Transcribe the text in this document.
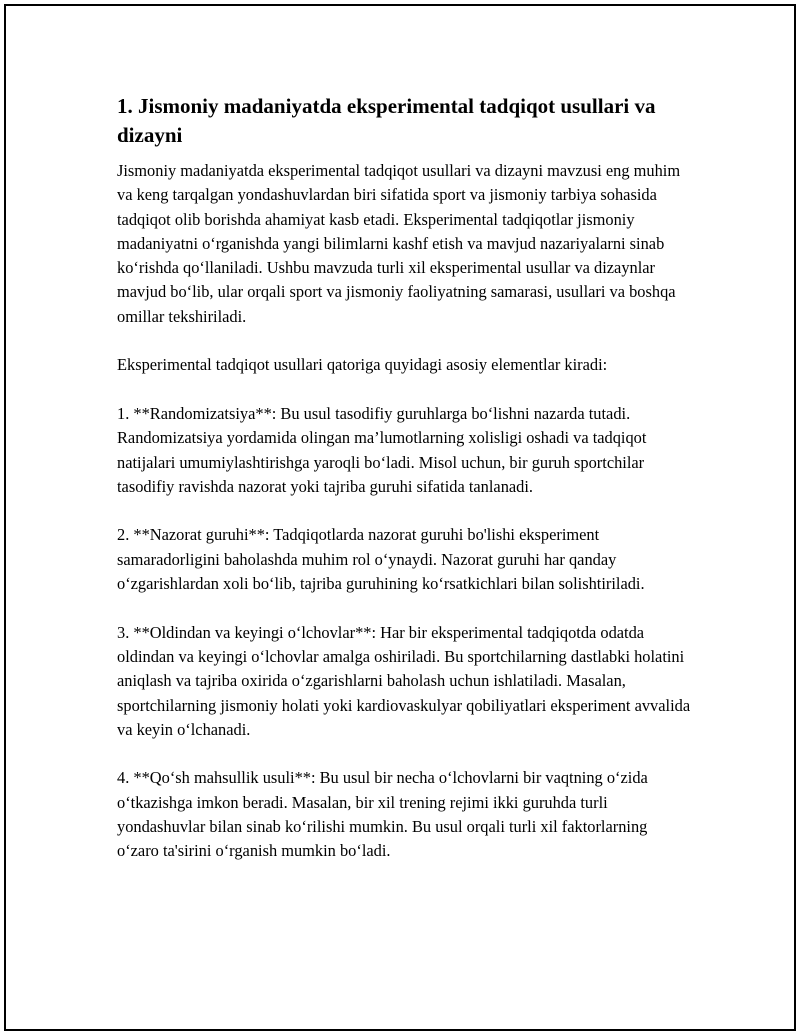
1. Jismoniy madaniyatda eksperimental tadqiqot usullari va dizayni

Jismoniy madaniyatda eksperimental tadqiqot usullari va dizayni mavzusi eng muhim va keng tarqalgan yondashuvlardan biri sifatida sport va jismoniy tarbiya sohasida tadqiqot olib borishda ahamiyat kasb etadi. Eksperimental tadqiqotlar jismoniy madaniyatni o‘rganishda yangi bilimlarni kashf etish va mavjud nazariyalarni sinab ko‘rishda qo‘llaniladi. Ushbu mavzuda turli xil eksperimental usullar va dizaynlar mavjud bo‘lib, ular orqali sport va jismoniy faoliyatning samarasi, usullari va boshqa omillar tekshiriladi.

Eksperimental tadqiqot usullari qatoriga quyidagi asosiy elementlar kiradi:

1. **Randomizatsiya**: Bu usul tasodifiy guruhlarga bo‘lishni nazarda tutadi. Randomizatsiya yordamida olingan ma’lumotlarning xolisligi oshadi va tadqiqot natijalari umumiylashtirishga yaroqli bo‘ladi. Misol uchun, bir guruh sportchilar tasodifiy ravishda nazorat yoki tajriba guruhi sifatida tanlanadi.

2. **Nazorat guruhi**: Tadqiqotlarda nazorat guruhi bo'lishi eksperiment samaradorligini baholashda muhim rol o‘ynaydi. Nazorat guruhi har qanday o‘zgarishlardan xoli bo‘lib, tajriba guruhining ko‘rsatkichlari bilan solishtiriladi.

3. **Oldindan va keyingi o‘lchovlar**: Har bir eksperimental tadqiqotda odatda oldindan va keyingi o‘lchovlar amalga oshiriladi. Bu sportchilarning dastlabki holatini aniqlash va tajriba oxirida o‘zgarishlarni baholash uchun ishlatiladi. Masalan, sportchilarning jismoniy holati yoki kardiovaskulyar qobiliyatlari eksperiment avvalida va keyin o‘lchanadi.

4. **Qo‘sh mahsullik usuli**: Bu usul bir necha o‘lchovlarni bir vaqtning o‘zida o‘tkazishga imkon beradi. Masalan, bir xil trening rejimi ikki guruhda turli yondashuvlar bilan sinab ko‘rilishi mumkin. Bu usul orqali turli xil faktorlarning o‘zaro ta'sirini o‘rganish mumkin bo‘ladi.
